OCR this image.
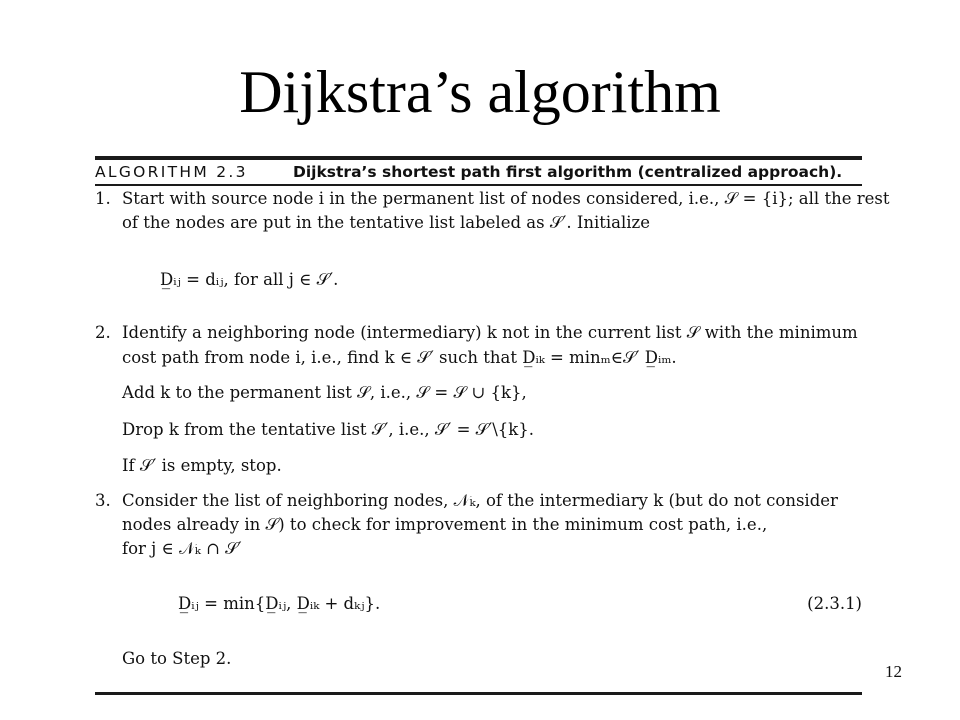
Dijkstra’s algorithm
ALGORITHM 2.3	Dijkstra’s shortest path first algorithm (centralized approach).
1. Start with source node i in the permanent list of nodes considered, i.e., 𝒮 = {i}; all the rest
of the nodes are put in the tentative list labeled as 𝒮′. Initialize
D̲ᵢⱼ = dᵢⱼ, for all j ∈ 𝒮′.
2. Identify a neighboring node (intermediary) k not in the current list 𝒮 with the minimum
cost path from node i, i.e., find k ∈ 𝒮′ such that D̲ᵢₖ = minₘ∈𝒮′ D̲ᵢₘ.
Add k to the permanent list 𝒮, i.e., 𝒮 = 𝒮 ∪ {k},
Drop k from the tentative list 𝒮′, i.e., 𝒮′ = 𝒮′\{k}.
If 𝒮′ is empty, stop.
3. Consider the list of neighboring nodes, 𝒩ₖ, of the intermediary k (but do not consider
nodes already in 𝒮) to check for improvement in the minimum cost path, i.e.,
for j ∈ 𝒩ₖ ∩ 𝒮′
D̲ᵢⱼ = min{D̲ᵢⱼ, D̲ᵢₖ + dₖⱼ}.	(2.3.1)
Go to Step 2.
12
